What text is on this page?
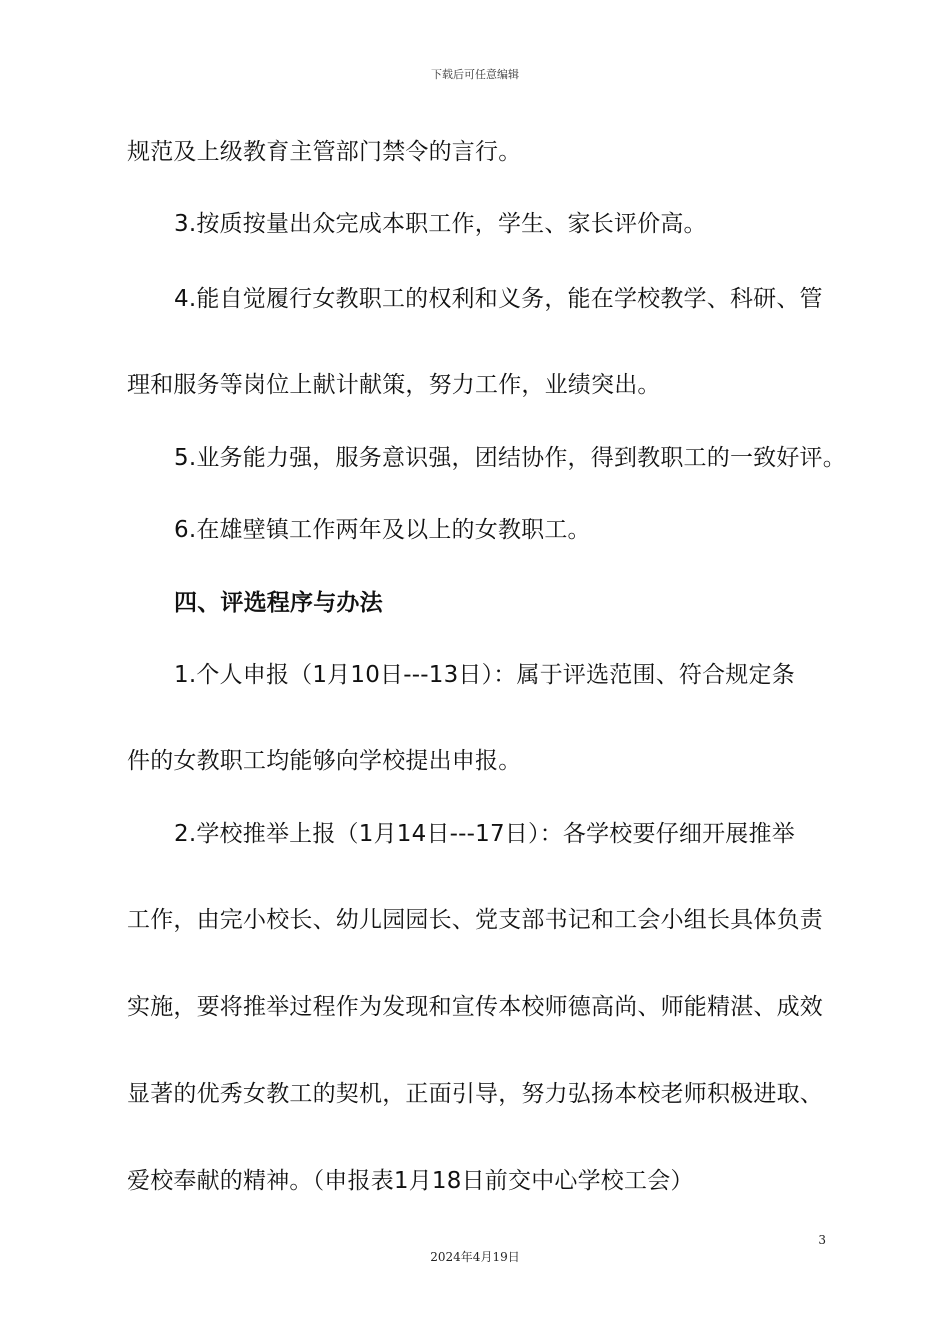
下载后可任意编辑
规范及上级教育主管部门禁令的言行。
3.按质按量出众完成本职工作，学生、家长评价高。
4.能自觉履行女教职工的权利和义务，能在学校教学、科研、管
理和服务等岗位上献计献策，努力工作，业绩突出。
5.业务能力强，服务意识强，团结协作，得到教职工的一致好评。
6.在雄壁镇工作两年及以上的女教职工。
四、评选程序与办法
1.个人申报（1月10日---13日）：属于评选范围、符合规定条
件的女教职工均能够向学校提出申报。
2.学校推举上报（1月14日---17日）：各学校要仔细开展推举
工作，由完小校长、幼儿园园长、党支部书记和工会小组长具体负责
实施，要将推举过程作为发现和宣传本校师德高尚、师能精湛、成效
显著的优秀女教工的契机，正面引导，努力弘扬本校老师积极进取、
爱校奉献的精神。（申报表1月18日前交中心学校工会）
3
2024年4月19日
